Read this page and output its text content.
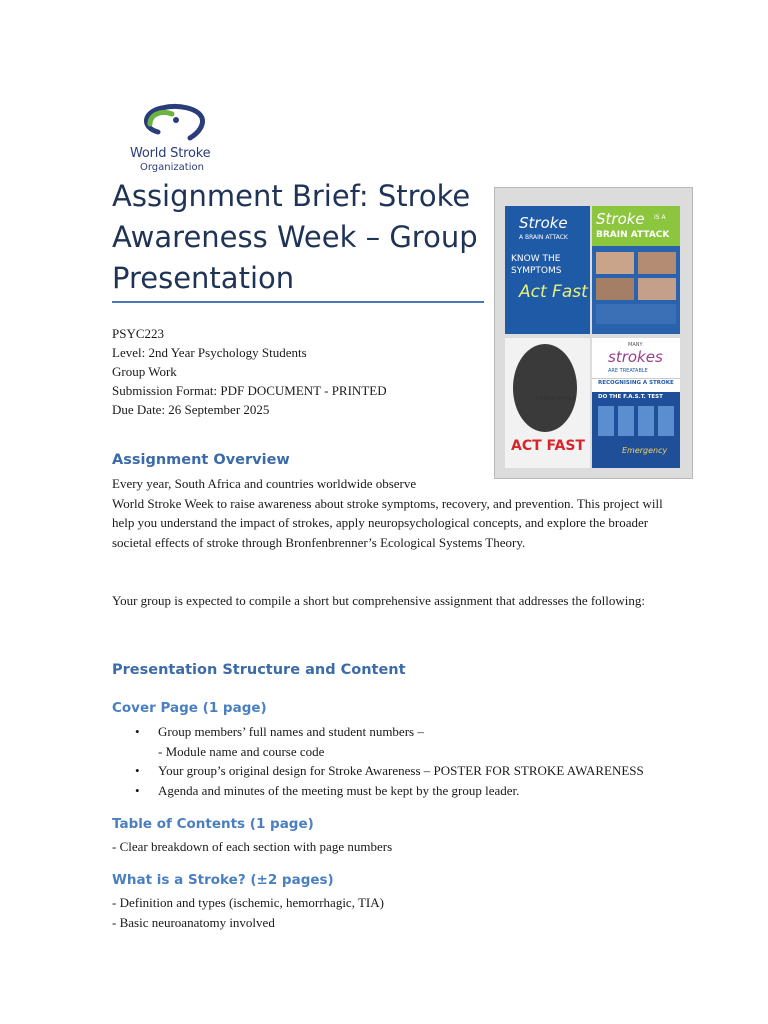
World Stroke
Organization
Assignment Brief: Stroke Awareness Week – Group Presentation
PSYC223
Level: 2nd Year Psychology Students
Group Work
Submission Format: PDF DOCUMENT - PRINTED
Due Date: 26 September 2025
Stroke
A BRAIN ATTACK
KNOW THE
SYMPTOMS
Act Fast
Stroke IS A
BRAIN ATTACK
A BRAIN ATTACK
ACT FAST
MANY
strokes
ARE TREATABLE
RECOGNISING A STROKE
DO THE F.A.S.T. TEST
Emergency
Assignment Overview
Every year, South Africa and countries worldwide observe
World Stroke Week to raise awareness about stroke symptoms, recovery, and prevention. This project will help you understand the impact of strokes, apply neuropsychological concepts, and explore the broader societal effects of stroke through Bronfenbrenner’s Ecological Systems Theory.
Your group is expected to compile a short but comprehensive assignment that addresses the following:
Presentation Structure and Content
Cover Page (1 page)
• Group members’ full names and student numbers –
- Module name and course code
• Your group’s original design for Stroke Awareness – POSTER FOR STROKE AWARENESS
• Agenda and minutes of the meeting must be kept by the group leader.
Table of Contents (1 page)
- Clear breakdown of each section with page numbers
What is a Stroke? (±2 pages)
- Definition and types (ischemic, hemorrhagic, TIA)
- Basic neuroanatomy involved
